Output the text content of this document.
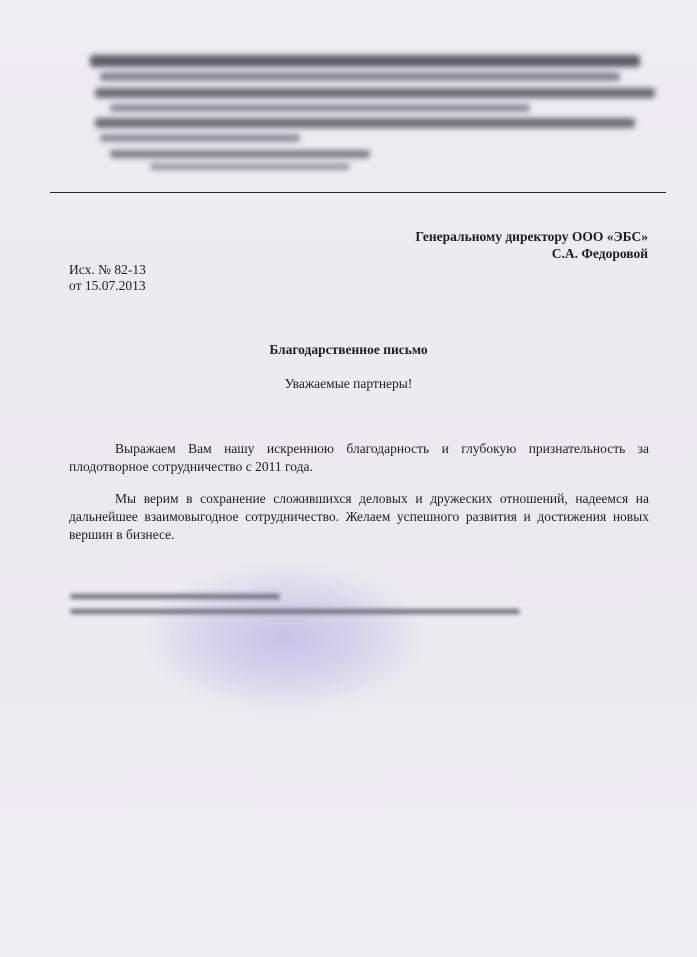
Генеральному директору ООО «ЭБС»
С.А. Федоровой
Исх. № 82-13
от 15.07.2013
Благодарственное письмо
Уважаемые партнеры!

Выражаем Вам нашу искреннюю благодарность и глубокую признательность за плодотворное сотрудничество с 2011 года.

Мы верим в сохранение сложившихся деловых и дружеских отношений, надеемся на дальнейшее взаимовыгодное сотрудничество. Желаем успешного развития и достижения новых вершин в бизнесе.
